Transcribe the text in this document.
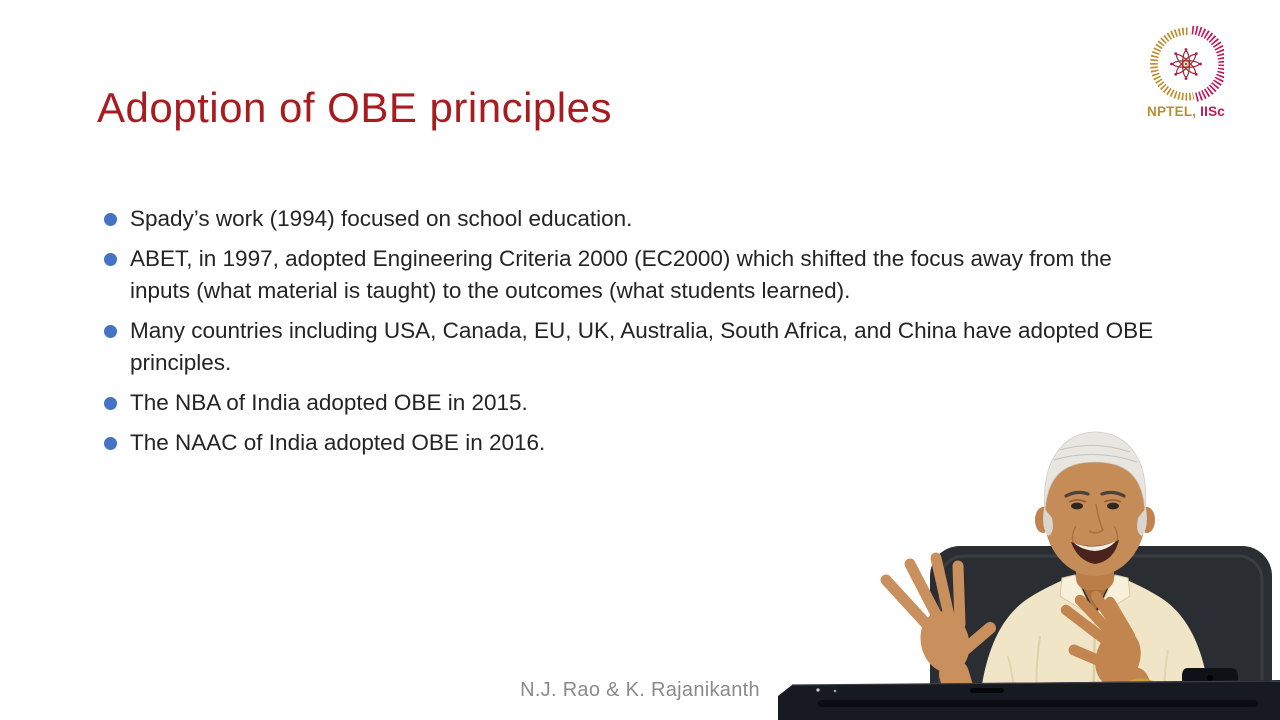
Adoption of OBE principles	NPTEL, IISc
Spady’s work (1994) focused on school education.
ABET, in 1997, adopted Engineering Criteria 2000 (EC2000) which shifted the focus away from the inputs (what material is taught) to the outcomes (what students learned).
Many countries including USA, Canada, EU, UK, Australia, South Africa, and China have adopted OBE principles.
The NBA of India adopted OBE in 2015.
The NAAC of India adopted OBE in 2016.
N.J. Rao & K. Rajanikanth
